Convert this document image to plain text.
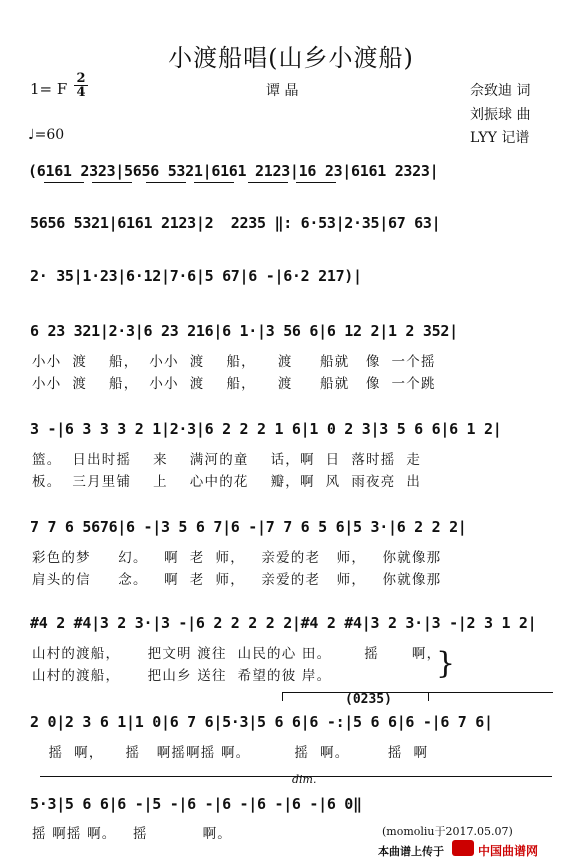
小渡船唱(山乡小渡船)
1= F
2
4	谭 晶	佘致迪 词
刘振球 曲
LYY 记谱
♩=60
(6161 2323|5656 5321|6161 2123|16 23|6161 2323|
5656 5321|6161 2123|2  2235 ‖: 6·53|2·35|67 63|
2· 35|1·23|6·12|7·6|5 67|6 -|6·2 217)|
6 23 321|2·3|6 23 216|6 1·|3 56 6|6 12 2|1 2 352|
小小  渡    船，  小小  渡    船，    渡     船就   像  一个摇
小小  渡    船，  小小  渡    船，    渡     船就   像  一个跳
3 -|6 3 3 3 2 1|2·3|6 2 2 2 1 6|1 0 2 3|3 5 6 6|6 1 2|
篮。  日出时摇    来    满河的童    话，啊  日  落时摇  走
板。  三月里铺    上    心中的花    瓣，啊  风  雨夜亮  出
7 7 6 5676|6 -|3 5 6 7|6 -|7 7 6 5 6|5 3·|6 2 2 2|
彩色的梦     幻。   啊  老  师，   亲爱的老   师，   你就像那
肩头的信     念。   啊  老  师，   亲爱的老   师，   你就像那
#4 2 #4|3 2 3·|3 -|6 2 2 2 2 2|#4 2 #4|3 2 3·|3 -|2 3 1 2|
山村的渡船，     把文明 渡往  山民的心 田。      摇      啊，
山村的渡船，     把山乡 送往  希望的彼 岸。	}
(0235)
2 0|2 3 6 1|1 0|6 7 6|5·3|5 6 6|6 -:|5 6 6|6 -|6 7 6|
摇  啊，    摇   啊摇啊摇 啊。        摇  啊。       摇  啊
dim.
5·3|5 6 6|6 -|5 -|6 -|6 -|6 -|6 -|6 0‖
摇 啊摇 啊。   摇          啊。	(momoliu于2017.05.07)
本曲谱上传于	中国曲谱网
